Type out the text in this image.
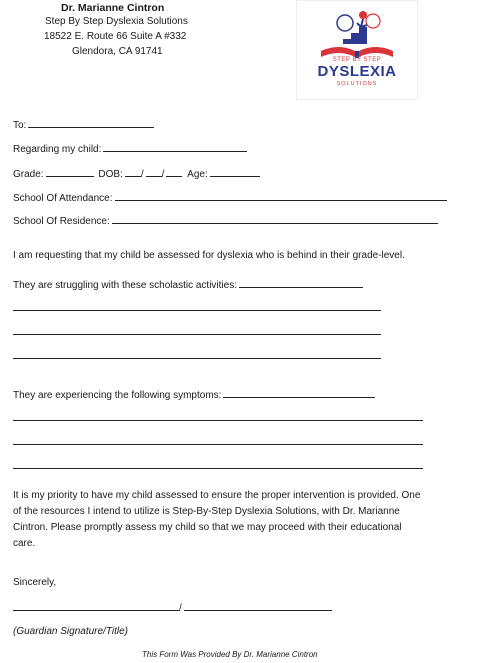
Dr. Marianne Cintron
Step By Step Dyslexia Solutions
18522 E. Route 66 Suite A #332
Glendora, CA 91741
STEP BY STEP
DYSLEXIA
SOLUTIONS
To:
Regarding my child:
Grade:	DOB: / / Age:
School Of Attendance:
School Of Residence:
I am requesting that my child be assessed for dyslexia who is behind in their grade-level.
They are struggling with these scholastic activities:
They are experiencing the following symptoms:
It is my priority to have my child assessed to ensure the proper intervention is provided. One
of the resources I intend to utilize is Step-By-Step Dyslexia Solutions, with Dr. Marianne
Cintron. Please promptly assess my child so that we may proceed with their educational
care.
Sincerely,
/
(Guardian Signature/Title)
This Form Was Provided By Dr. Marianne Cintron
